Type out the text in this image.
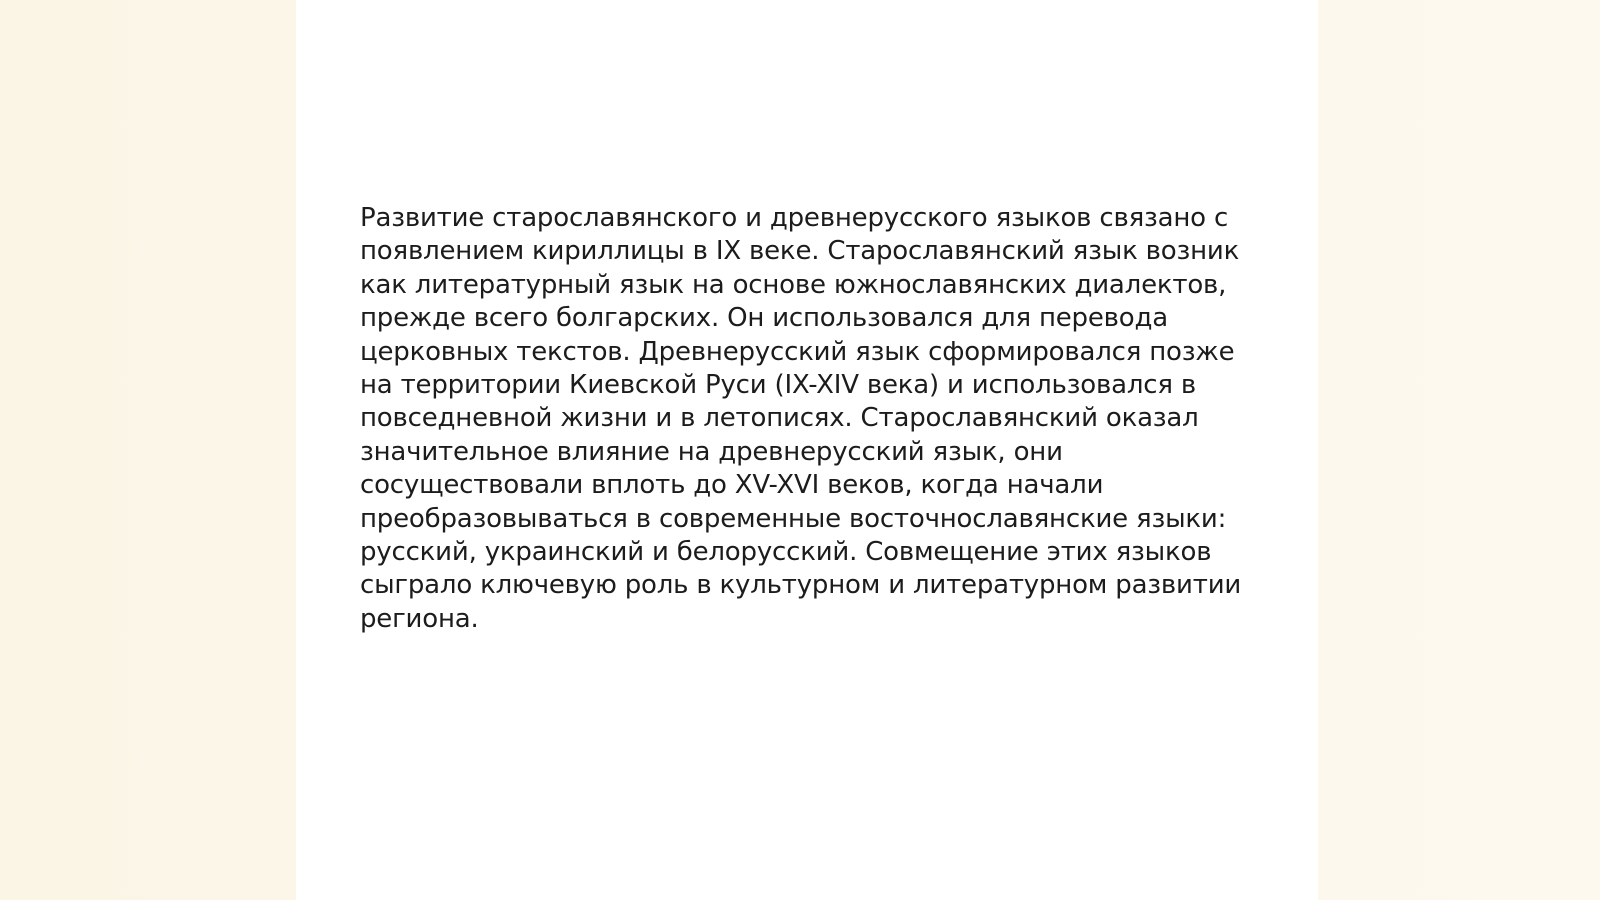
Развитие старославянского и древнерусского языков связано с появлением кириллицы в IX веке. Старославянский язык возник как литературный язык на основе южнославянских диалектов, прежде всего болгарских. Он использовался для перевода церковных текстов. Древнерусский язык сформировался позже на территории Киевской Руси (IX-XIV века) и использовался в повседневной жизни и в летописях. Старославянский оказал значительное влияние на древнерусский язык, они сосуществовали вплоть до XV-XVI веков, когда начали преобразовываться в современные восточнославянские языки: русский, украинский и белорусский. Совмещение этих языков сыграло ключевую роль в культурном и литературном развитии региона.
